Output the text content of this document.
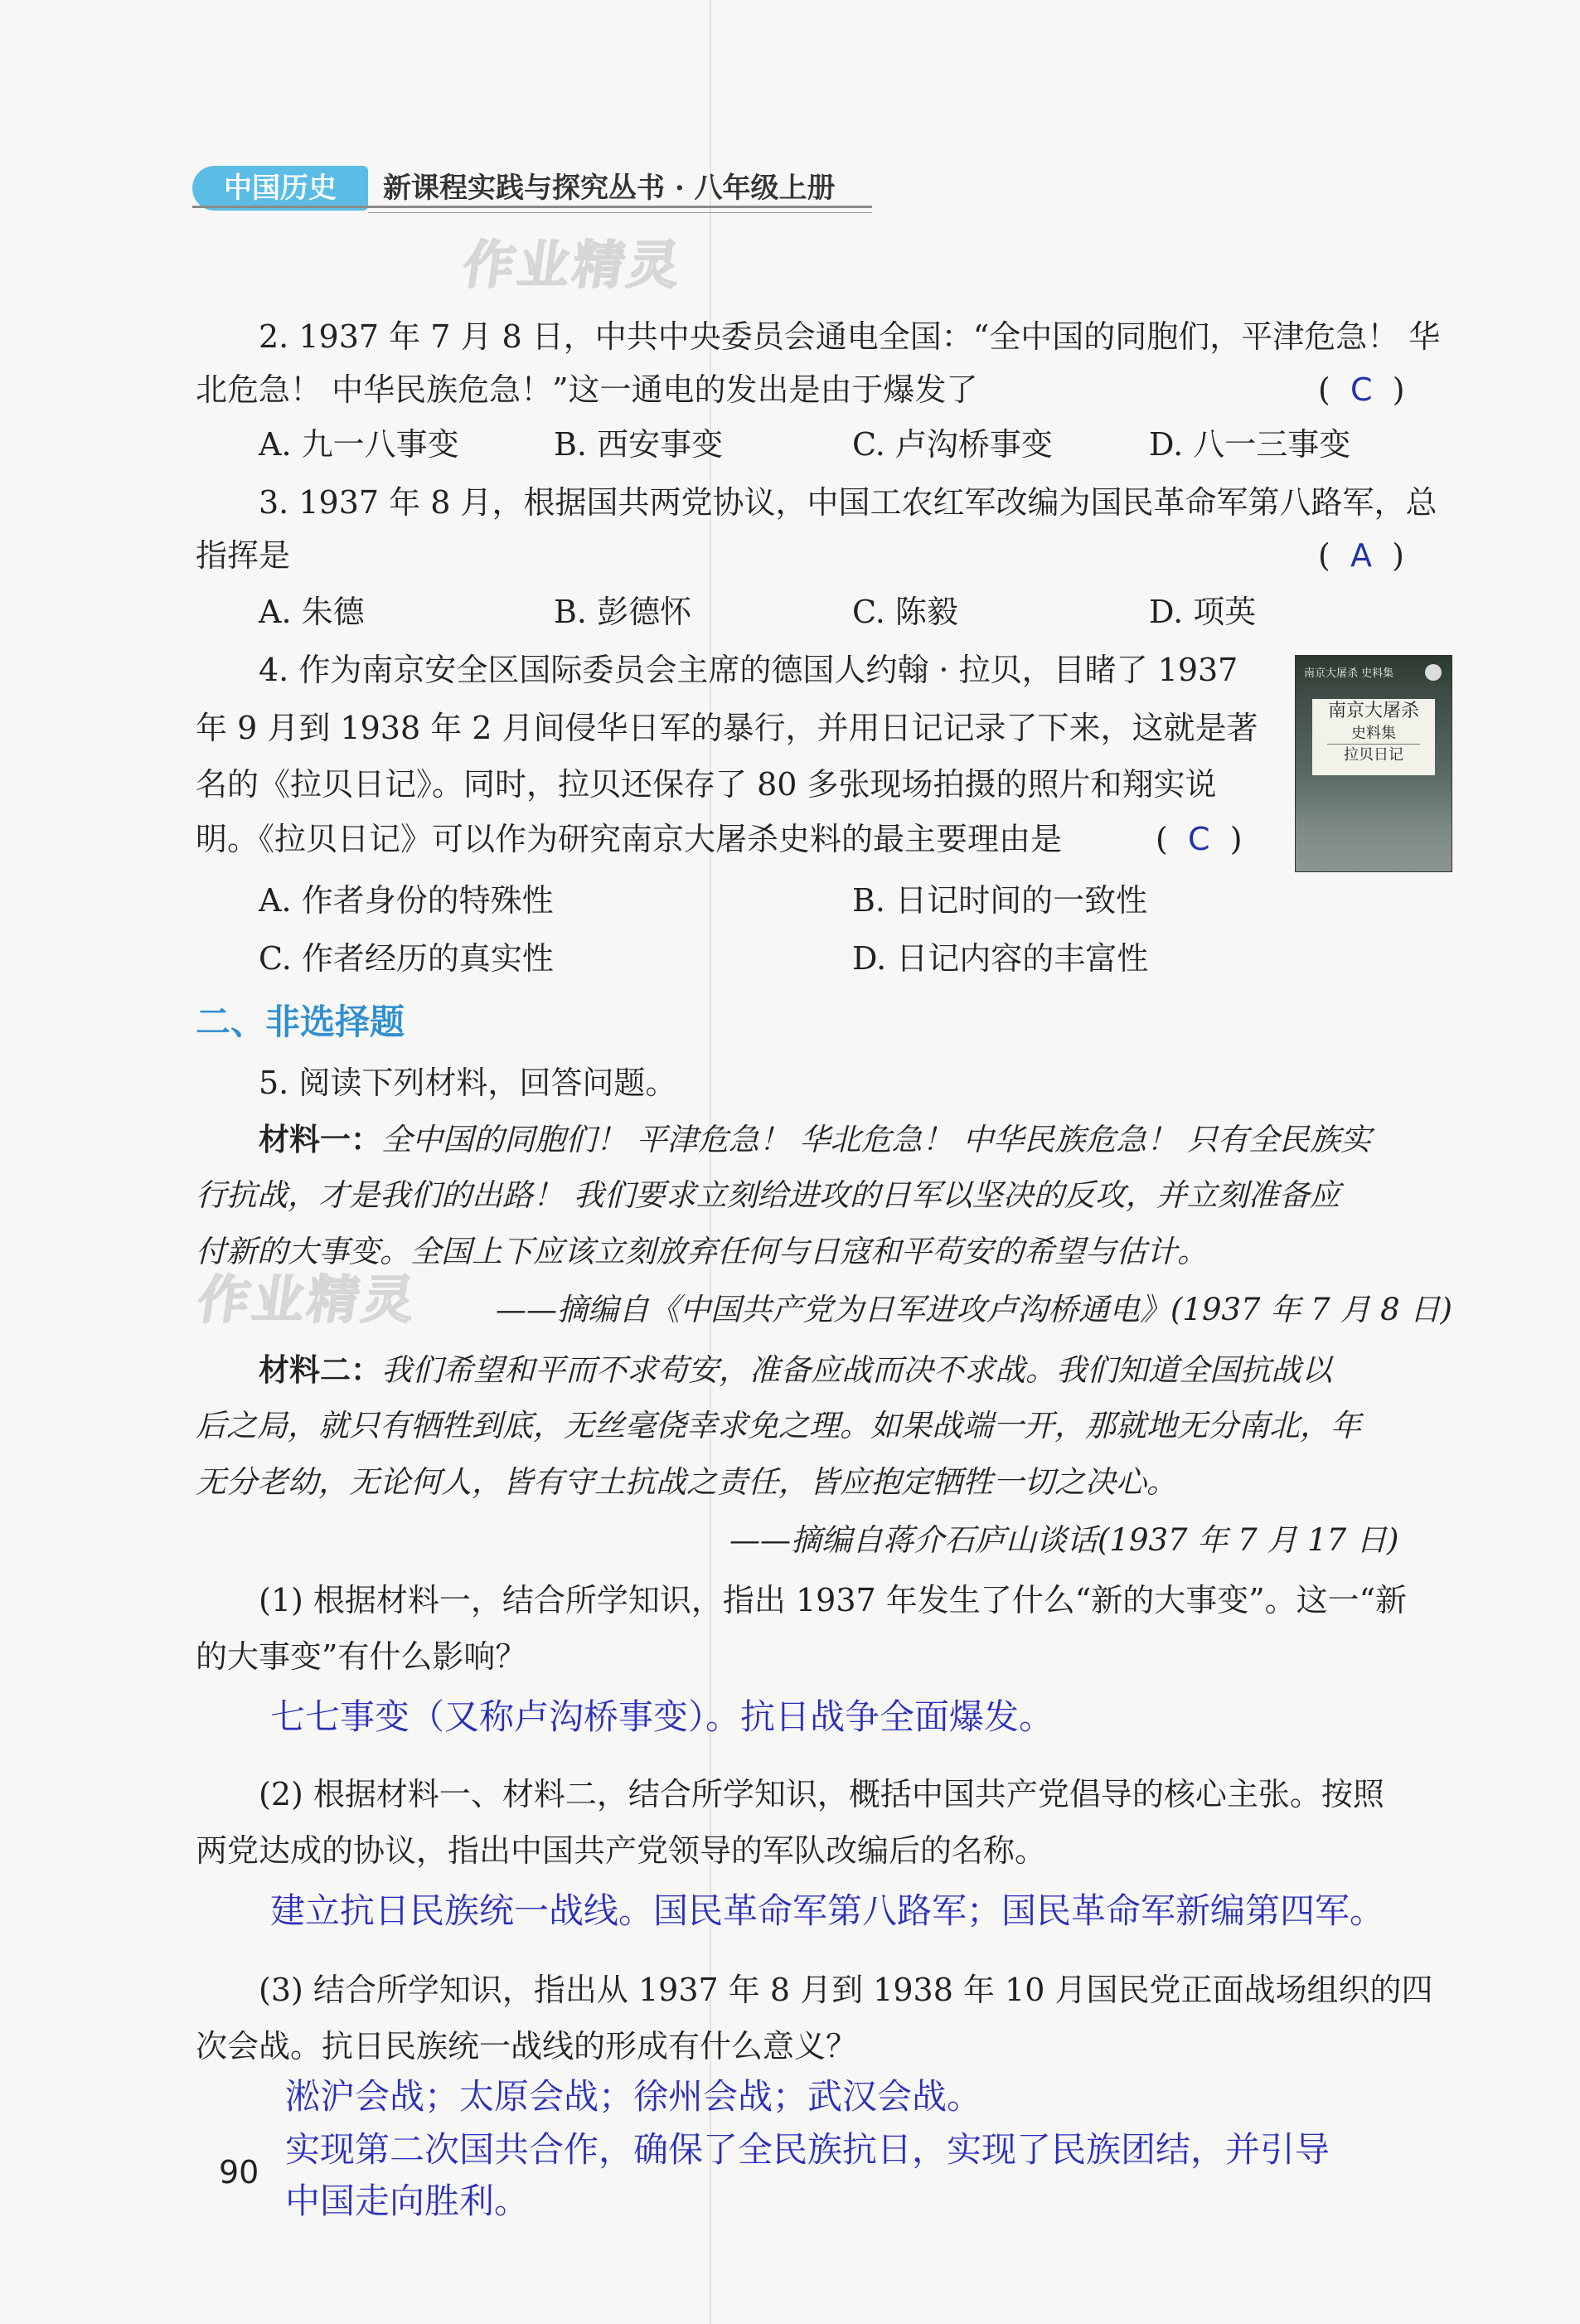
中国历史	新课程实践与探究丛书 · 八年级上册
作业精灵
2. 1937 年 7 月 8 日，中共中央委员会通电全国：“全中国的同胞们，平津危急！ 华
北危急！ 中华民族危急！”这一通电的发出是由于爆发了	(  C  )
A. 九一八事变	B. 西安事变	C. 卢沟桥事变	D. 八一三事变
3. 1937 年 8 月，根据国共两党协议，中国工农红军改编为国民革命军第八路军，总
指挥是	(  A  )
A. 朱德	B. 彭德怀	C. 陈毅	D. 项英
4. 作为南京安全区国际委员会主席的德国人约翰 · 拉贝，目睹了 1937
年 9 月到 1938 年 2 月间侵华日军的暴行，并用日记记录了下来，这就是著
名的《拉贝日记》。同时，拉贝还保存了 80 多张现场拍摄的照片和翔实说
明。《拉贝日记》可以作为研究南京大屠杀史料的最主要理由是	(  C  )
南京大屠杀 史料集
南京大屠杀
史料集
拉贝日记
A. 作者身份的特殊性	B. 日记时间的一致性
C. 作者经历的真实性	D. 日记内容的丰富性
二、非选择题
5. 阅读下列材料，回答问题。
材料一：全中国的同胞们！ 平津危急！ 华北危急！ 中华民族危急！ 只有全民族实
行抗战，才是我们的出路！ 我们要求立刻给进攻的日军以坚决的反攻，并立刻准备应
付新的大事变。全国上下应该立刻放弃任何与日寇和平苟安的希望与估计。
作业精灵 ——摘编自《中国共产党为日军进攻卢沟桥通电》(1937 年 7 月 8 日)
材料二：我们希望和平而不求苟安，准备应战而决不求战。我们知道全国抗战以
后之局，就只有牺牲到底，无丝毫侥幸求免之理。如果战端一开，那就地无分南北，年
无分老幼，无论何人，皆有守土抗战之责任，皆应抱定牺牲一切之决心。
——摘编自蒋介石庐山谈话(1937 年 7 月 17 日)
(1) 根据材料一，结合所学知识，指出 1937 年发生了什么“新的大事变”。这一“新
的大事变”有什么影响？
七七事变（又称卢沟桥事变）。抗日战争全面爆发。
(2) 根据材料一、材料二，结合所学知识，概括中国共产党倡导的核心主张。按照
两党达成的协议，指出中国共产党领导的军队改编后的名称。
建立抗日民族统一战线。国民革命军第八路军；国民革命军新编第四军。
(3) 结合所学知识，指出从 1937 年 8 月到 1938 年 10 月国民党正面战场组织的四
次会战。抗日民族统一战线的形成有什么意义？
淞沪会战；太原会战；徐州会战；武汉会战。
实现第二次国共合作，确保了全民族抗日，实现了民族团结，并引导
中国走向胜利。
90
